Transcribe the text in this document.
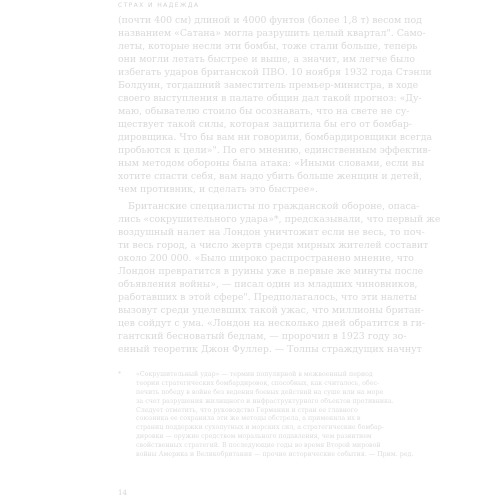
СТРАХ И НАДЕЖДА
(почти 400 см) длиной и 4000 фунтов (более 1,8 т) весом под
названием «Сатана» могла разрушить целый квартал". Само-
леты, которые несли эти бомбы, тоже стали больше, теперь
они могли летать быстрее и выше, а значит, им легче было
избегать ударов британской ПВО. 10 ноября 1932 года Стэнли
Болдуин, тогдашний заместитель премьер-министра, в ходе
своего выступления в палате общин дал такой прогноз: «Ду-
маю, обывателю стоило бы осознавать, что на свете не су-
ществует такой силы, которая защитила бы его от бомбар-
дировщика. Что бы вам ни говорили, бомбардировщики всегда
пробьются к цели»". По его мнению, единственным эффектив-
ным методом обороны была атака: «Иными словами, если вы
хотите спасти себя, вам надо убить больше женщин и детей,
чем противник, и сделать это быстрее».
Британские специалисты по гражданской обороне, опаса-
лись «сокрушительного удара»*, предсказывали, что первый же
воздушный налет на Лондон уничтожит если не весь, то поч-
ти весь город, а число жертв среди мирных жителей составит
около 200 000. «Было широко распространено мнение, что
Лондон превратится в руины уже в первые же минуты после
объявления войны», — писал один из младших чиновников,
работавших в этой сфере". Предполагалось, что эти налеты
вызовут среди уцелевших такой ужас, что миллионы британ-
цев сойдут с ума. «Лондон на несколько дней обратится в ги-
гантский бесноватый бедлам, — пророчил в 1923 году зо-
енный теоретик Джон Фуллер. — Толпы страждущих начнут
* «Сокрушительный удар» — термин популярной в межвоенный период
теории стратегических бомбардировок, способных, как считалось, обес-
печить победу в войне без ведения боевых действий на суше или на море
за счет разрушения жилищного и инфраструктурного объектов противника.
Следует отметить, что руководство Германии и стран ее главного
союзника ее сохранила эти же методы обстрела, а применила их в
страниц поддержки сухопутных и морских сил, а стратегические бомбар-
дировки — оружие средством морального подавления, чем развитием
свойственных стратегий. В последующие годы во время Второй мировой
войны Америка и Великобритания — прочие исторические события. — Прим. ред.
14
